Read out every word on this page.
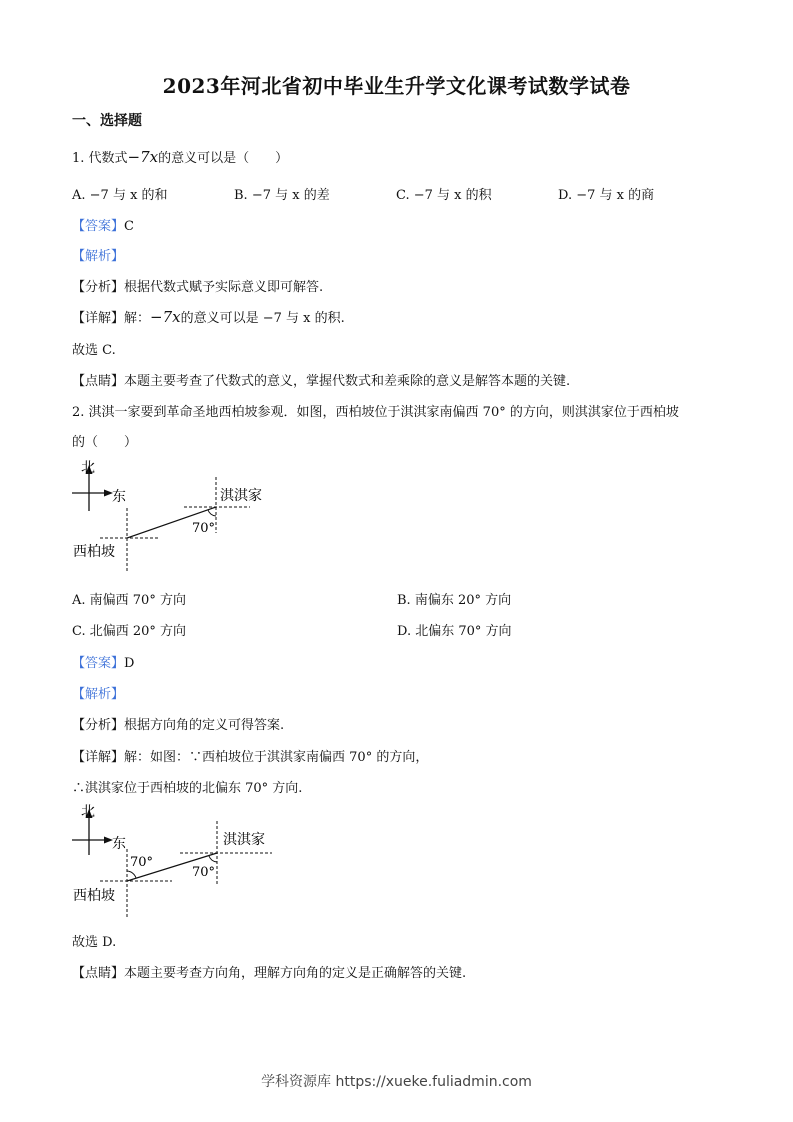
2023年河北省初中毕业生升学文化课考试数学试卷
一、选择题
1. 代数式−7x的意义可以是（　　）
A. −7 与 x 的和	B. −7 与 x 的差	C. −7 与 x 的积	D. −7 与 x 的商
【答案】C
【解析】
【分析】根据代数式赋予实际意义即可解答.
【详解】解：−7x的意义可以是 −7 与 x 的积.
故选 C.
【点睛】本题主要考查了代数式的意义，掌握代数式和差乘除的意义是解答本题的关键.
2. 淇淇一家要到革命圣地西柏坡参观．如图，西柏坡位于淇淇家南偏西 70° 的方向，则淇淇家位于西柏坡
的（　　）
北
东
70°
淇淇家
西柏坡
A. 南偏西 70° 方向	B. 南偏东 20° 方向
C. 北偏西 20° 方向	D. 北偏东 70° 方向
【答案】D
【解析】
【分析】根据方向角的定义可得答案.
【详解】解：如图：∵西柏坡位于淇淇家南偏西 70° 的方向，
∴淇淇家位于西柏坡的北偏东 70° 方向.
北
东
70°
70°
淇淇家
西柏坡
故选 D.
【点睛】本题主要考查方向角，理解方向角的定义是正确解答的关键.
学科资源库 https://xueke.fuliadmin.com
